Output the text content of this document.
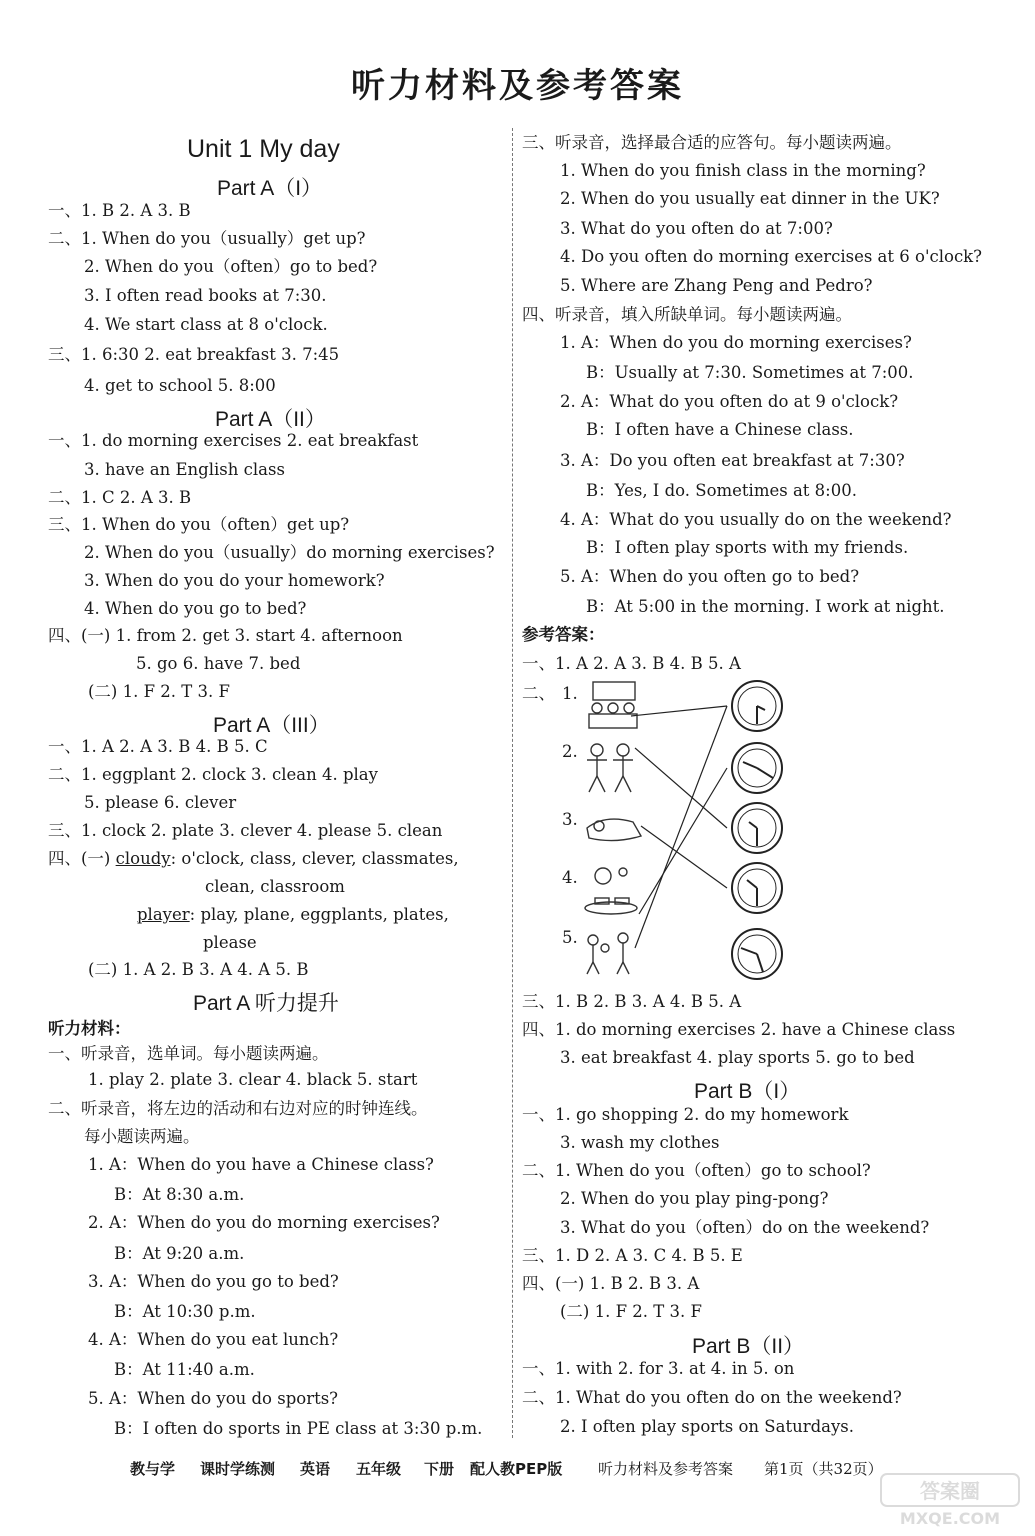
听力材料及参考答案
Unit 1 My day
Part A（I）
一、1. B 2. A 3. B
二、1. When do you（usually）get up?
2. When do you（often）go to bed?
3. I often read books at 7:30.
4. We start class at 8 o'clock.
三、1. 6:30 2. eat breakfast 3. 7:45
4. get to school 5. 8:00
Part A（II）
一、1. do morning exercises 2. eat breakfast
3. have an English class
二、1. C 2. A 3. B
三、1. When do you（often）get up?
2. When do you（usually）do morning exercises?
3. When do you do your homework?
4. When do you go to bed?
四、(一) 1. from 2. get 3. start 4. afternoon
5. go 6. have 7. bed
(二) 1. F 2. T 3. F
Part A（III）
一、1. A 2. A 3. B 4. B 5. C
二、1. eggplant 2. clock 3. clean 4. play
5. please 6. clever
三、1. clock 2. plate 3. clever 4. please 5. clean
四、(一) cloudy: o'clock, class, clever, classmates,
clean, classroom
player: play, plane, eggplants, plates,
please
(二) 1. A 2. B 3. A 4. A 5. B
Part A 听力提升
听力材料：
一、听录音，选单词。每小题读两遍。
1. play 2. plate 3. clear 4. black 5. start
二、听录音，将左边的活动和右边对应的时钟连线。
每小题读两遍。
1. A：When do you have a Chinese class?
B：At 8:30 a.m.
2. A：When do you do morning exercises?
B：At 9:20 a.m.
3. A：When do you go to bed?
B：At 10:30 p.m.
4. A：When do you eat lunch?
B：At 11:40 a.m.
5. A：When do you do sports?
B：I often do sports in PE class at 3:30 p.m.
三、听录音，选择最合适的应答句。每小题读两遍。
1. When do you finish class in the morning?
2. When do you usually eat dinner in the UK?
3. What do you often do at 7:00?
4. Do you often do morning exercises at 6 o'clock?
5. Where are Zhang Peng and Pedro?
四、听录音，填入所缺单词。每小题读两遍。
1. A：When do you do morning exercises?
B：Usually at 7:30. Sometimes at 7:00.
2. A：What do you often do at 9 o'clock?
B：I often have a Chinese class.
3. A：Do you often eat breakfast at 7:30?
B：Yes, I do. Sometimes at 8:00.
4. A：What do you usually do on the weekend?
B：I often play sports with my friends.
5. A：When do you often go to bed?
B：At 5:00 in the morning. I work at night.
参考答案：
一、1. A 2. A 3. B 4. B 5. A
二、 1.
2.
3.
4.
5.
三、1. B 2. B 3. A 4. B 5. A
四、1. do morning exercises 2. have a Chinese class
3. eat breakfast 4. play sports 5. go to bed
Part B（I）
一、1. go shopping 2. do my homework
3. wash my clothes
二、1. When do you（often）go to school?
2. When do you play ping-pong?
3. What do you（often）do on the weekend?
三、1. D 2. A 3. C 4. B 5. E
四、(一) 1. B 2. B 3. A
(二) 1. F 2. T 3. F
Part B（II）
一、1. with 2. for 3. at 4. in 5. on
二、1. What do you often do on the weekend?
2. I often play sports on Saturdays.
教与学 课时学练测 英语 五年级 下册 配人教PEP版 听力材料及参考答案 第1页（共32页）
答案圈
MXQE.COM
